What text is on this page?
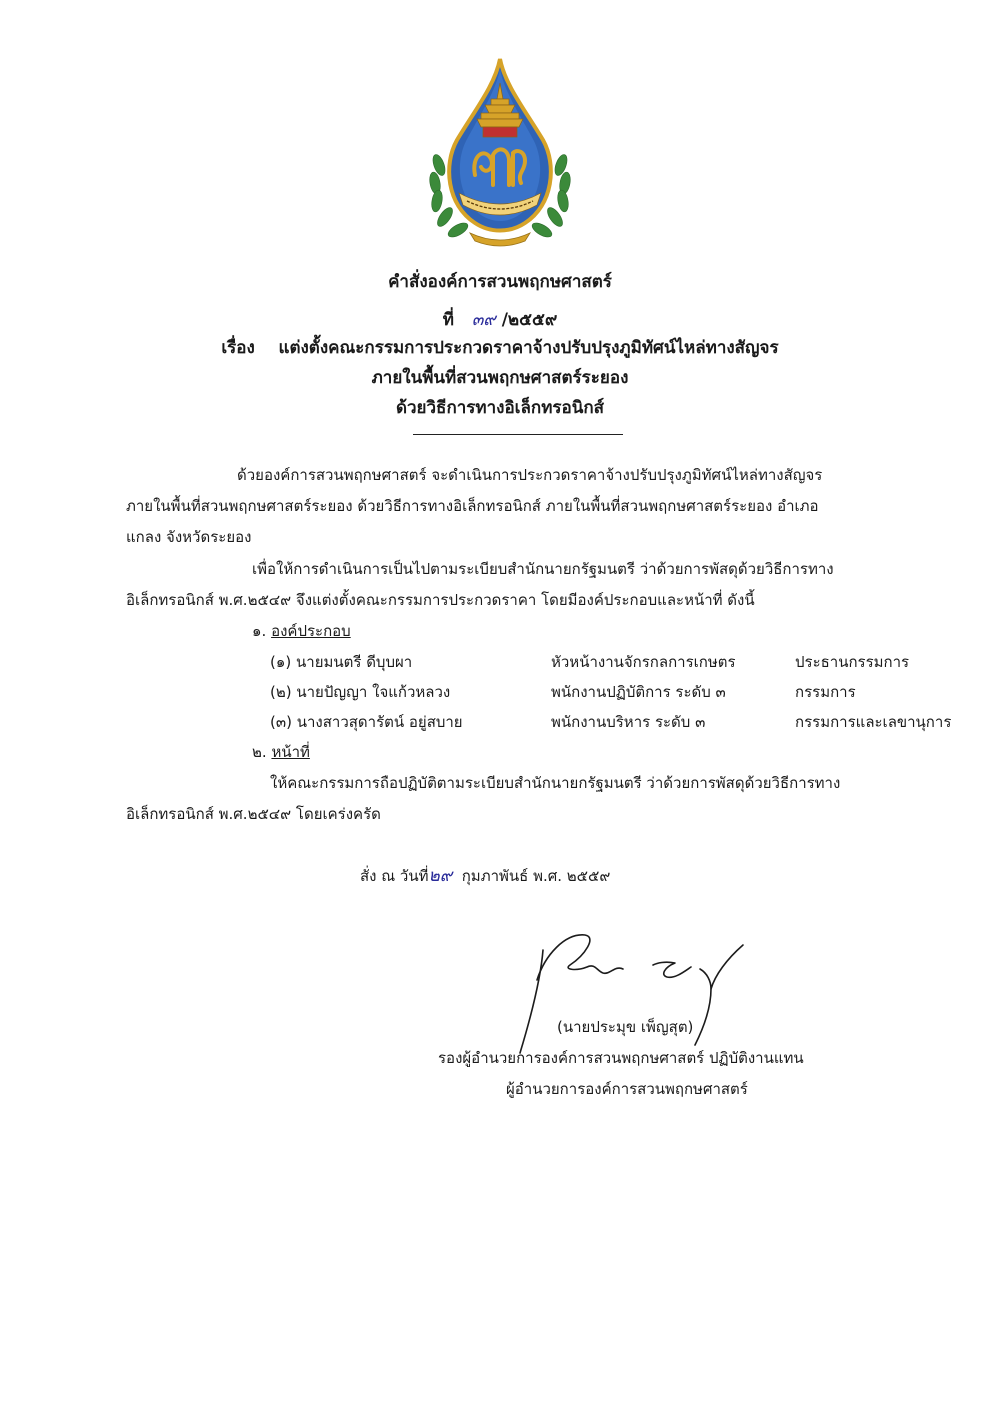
คำสั่งองค์การสวนพฤกษศาสตร์
ที่ ๓๙ /๒๕๕๙
เรื่อง แต่งตั้งคณะกรรมการประกวดราคาจ้างปรับปรุงภูมิทัศน์ไหล่ทางสัญจร
ภายในพื้นที่สวนพฤกษศาสตร์ระยอง
ด้วยวิธีการทางอิเล็กทรอนิกส์
ด้วยองค์การสวนพฤกษศาสตร์ จะดำเนินการประกวดราคาจ้างปรับปรุงภูมิทัศน์ไหล่ทางสัญจร
ภายในพื้นที่สวนพฤกษศาสตร์ระยอง ด้วยวิธีการทางอิเล็กทรอนิกส์ ภายในพื้นที่สวนพฤกษศาสตร์ระยอง อำเภอ
แกลง จังหวัดระยอง
เพื่อให้การดำเนินการเป็นไปตามระเบียบสำนักนายกรัฐมนตรี ว่าด้วยการพัสดุด้วยวิธีการทาง
อิเล็กทรอนิกส์ พ.ศ.๒๕๔๙ จึงแต่งตั้งคณะกรรมการประกวดราคา โดยมีองค์ประกอบและหน้าที่ ดังนี้
๑. องค์ประกอบ
(๑) นายมนตรี ดีบุบผา	หัวหน้างานจักรกลการเกษตร	ประธานกรรมการ
(๒) นายปัญญา ใจแก้วหลวง	พนักงานปฏิบัติการ ระดับ ๓	กรรมการ
(๓) นางสาวสุดารัตน์ อยู่สบาย	พนักงานบริหาร ระดับ ๓	กรรมการและเลขานุการ
๒. หน้าที่
ให้คณะกรรมการถือปฏิบัติตามระเบียบสำนักนายกรัฐมนตรี ว่าด้วยการพัสดุด้วยวิธีการทาง
อิเล็กทรอนิกส์ พ.ศ.๒๕๔๙ โดยเคร่งครัด
สั่ง ณ วันที่๒๙ กุมภาพันธ์ พ.ศ. ๒๕๕๙
(นายประมุข เพ็ญสุต)
รองผู้อำนวยการองค์การสวนพฤกษศาสตร์ ปฏิบัติงานแทน
ผู้อำนวยการองค์การสวนพฤกษศาสตร์
